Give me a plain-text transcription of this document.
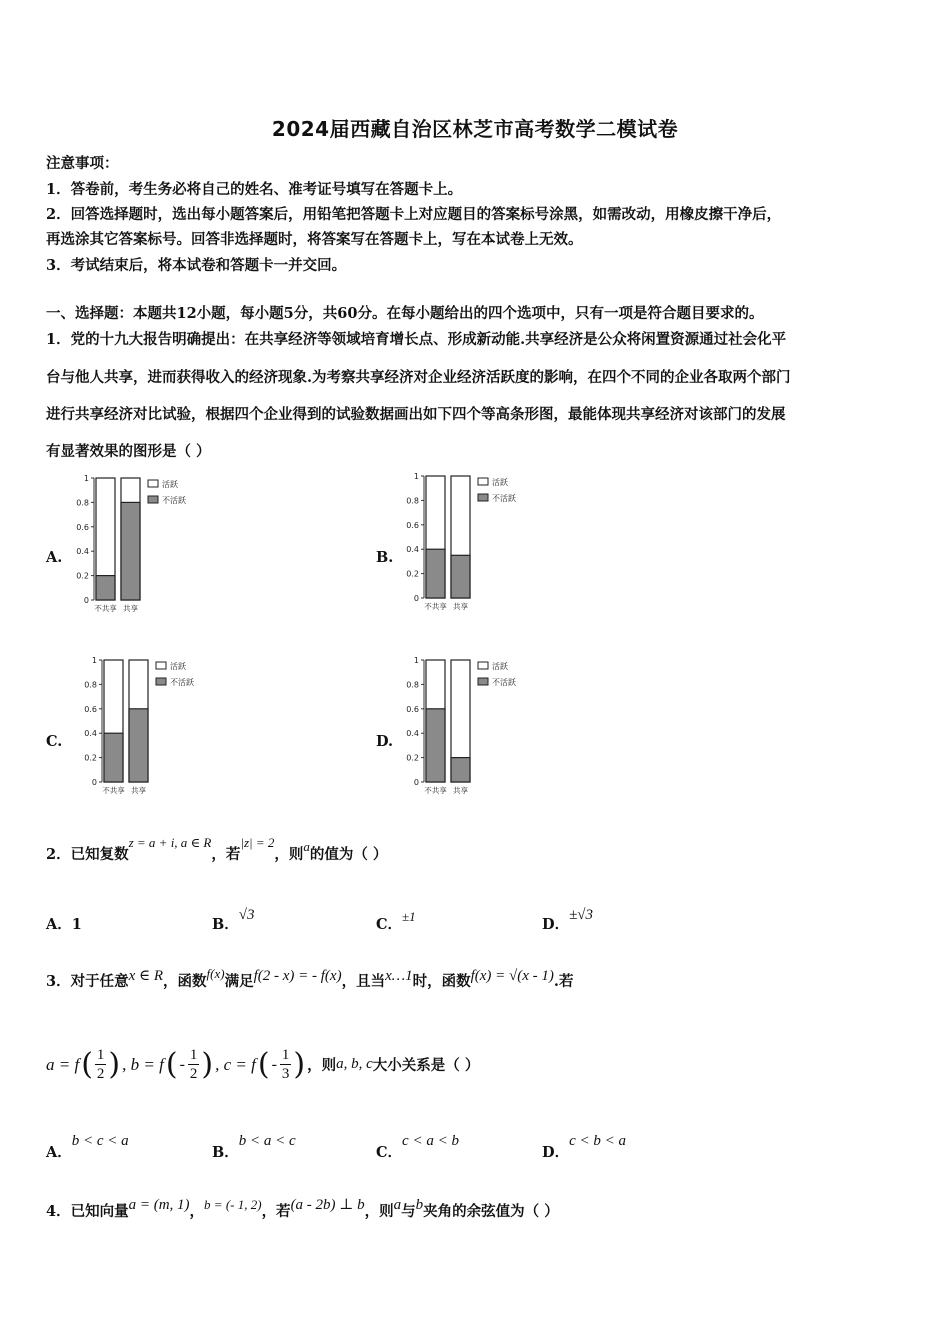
2024届西藏自治区林芝市高考数学二模试卷
注意事项：
1．答卷前，考生务必将自己的姓名、准考证号填写在答题卡上。
2．回答选择题时，选出每小题答案后，用铅笔把答题卡上对应题目的答案标号涂黑，如需改动，用橡皮擦干净后，
再选涂其它答案标号。回答非选择题时，将答案写在答题卡上，写在本试卷上无效。
3．考试结束后，将本试卷和答题卡一并交回。
一、选择题：本题共12小题，每小题5分，共60分。在每小题给出的四个选项中，只有一项是符合题目要求的。
1．党的十九大报告明确提出：在共享经济等领域培育增长点、形成新动能.共享经济是公众将闲置资源通过社会化平
台与他人共享，进而获得收入的经济现象.为考察共享经济对企业经济活跃度的影响，在四个不同的企业各取两个部门
进行共享经济对比试验，根据四个企业得到的试验数据画出如下四个等高条形图，最能体现共享经济对该部门的发展
有显著效果的图形是（ ）
A.	B.
C.	D.
0
0.2
0.4
0.6
0.8
1
不共享 共享
活跃
不活跃
0
0.2
0.4
0.6
0.8
1
不共享 共享
活跃
不活跃
0
0.2
0.4
0.6
0.8
1
不共享 共享
活跃
不活跃
0
0.2
0.4
0.6
0.8
1
不共享 共享
活跃
不活跃
2．已知复数z = a + i, a ∈ R，若|z| = 2，则a的值为（ ）
A．1	B．√3
C．±1	D．±√3
3．对于任意x ∈ R，函数f(x)满足f(2 - x) = - f(x)，且当x…1时，函数f(x) = √(x - 1).若
a = f ( $\frac{1}{2}$ ) , b = f ( - $\frac{1}{2}$ ) , c = f ( - $\frac{1}{3}$ ) ，则 a, b, c 大小关系是（ ）
A．b < c < a
B．b < a < c
C．c < a < b
D．c < b < a
4．已知向量a = (m, 1)，b = (- 1, 2)，若(a - 2b) ⊥ b，则a与b夹角的余弦值为（ ）
